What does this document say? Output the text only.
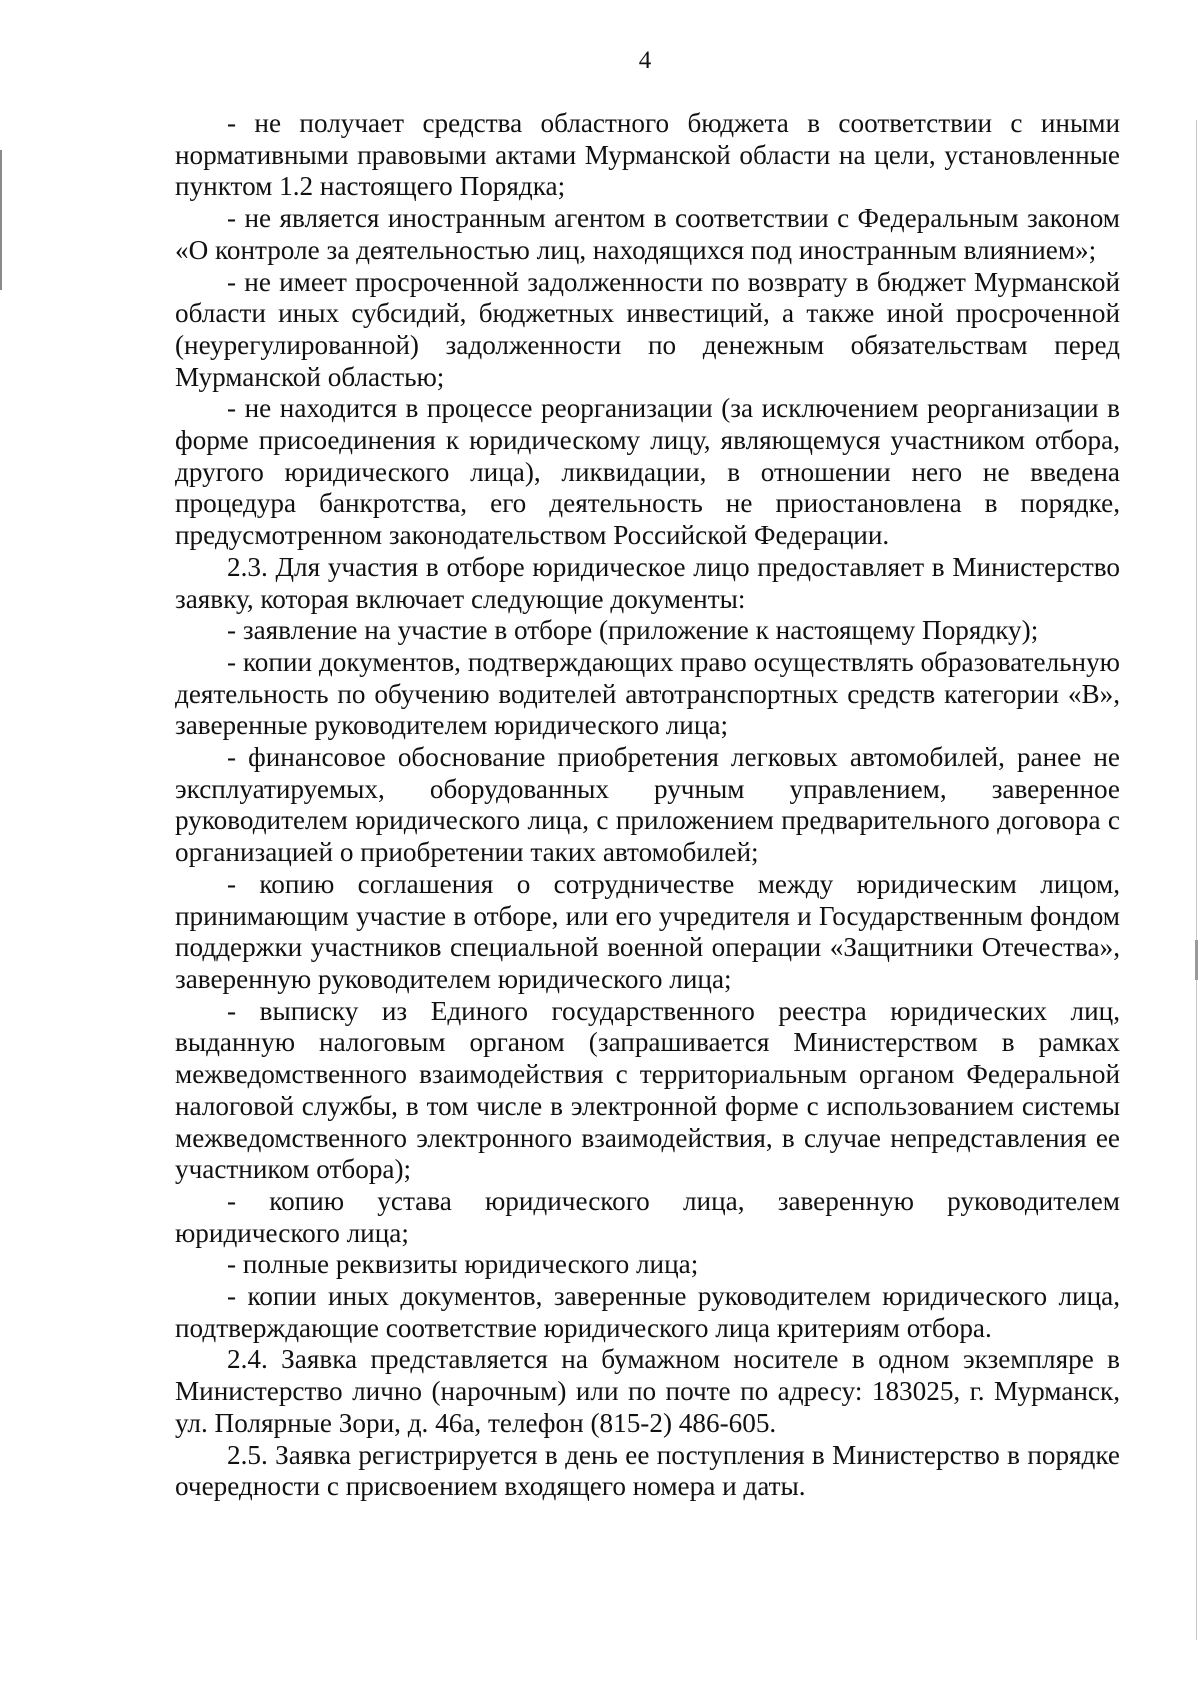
4

- не получает средства областного бюджета в соответствии с иными нормативными правовыми актами Мурманской области на цели, установленные пунктом 1.2 настоящего Порядка;

- не является иностранным агентом в соответствии с Федеральным законом «О контроле за деятельностью лиц, находящихся под иностранным влиянием»;

- не имеет просроченной задолженности по возврату в бюджет Мурманской области иных субсидий, бюджетных инвестиций, а также иной просроченной (неурегулированной) задолженности по денежным обязательствам перед Мурманской областью;

- не находится в процессе реорганизации (за исключением реорганизации в форме присоединения к юридическому лицу, являющемуся участником отбора, другого юридического лица), ликвидации, в отношении него не введена процедура банкротства, его деятельность не приостановлена в порядке, предусмотренном законодательством Российской Федерации.

2.3. Для участия в отборе юридическое лицо предоставляет в Министерство заявку, которая включает следующие документы:

- заявление на участие в отборе (приложение к настоящему Порядку);

- копии документов, подтверждающих право осуществлять образовательную деятельность по обучению водителей автотранспортных средств категории «В», заверенные руководителем юридического лица;

- финансовое обоснование приобретения легковых автомобилей, ранее не эксплуатируемых, оборудованных ручным управлением, заверенное руководителем юридического лица, с приложением предварительного договора с организацией о приобретении таких автомобилей;

- копию соглашения о сотрудничестве между юридическим лицом, принимающим участие в отборе, или его учредителя и Государственным фондом поддержки участников специальной военной операции «Защитники Отечества», заверенную руководителем юридического лица;

- выписку из Единого государственного реестра юридических лиц, выданную налоговым органом (запрашивается Министерством в рамках межведомственного взаимодействия с территориальным органом Федеральной налоговой службы, в том числе в электронной форме с использованием системы межведомственного электронного взаимодействия, в случае непредставления ее участником отбора);

- копию устава юридического лица, заверенную руководителем юридического лица;

- полные реквизиты юридического лица;

- копии иных документов, заверенные руководителем юридического лица, подтверждающие соответствие юридического лица критериям отбора.

2.4. Заявка представляется на бумажном носителе в одном экземпляре в Министерство лично (нарочным) или по почте по адресу: 183025, г. Мурманск, ул. Полярные Зори, д. 46а, телефон (815-2) 486-605.

2.5. Заявка регистрируется в день ее поступления в Министерство в порядке очередности с присвоением входящего номера и даты.
